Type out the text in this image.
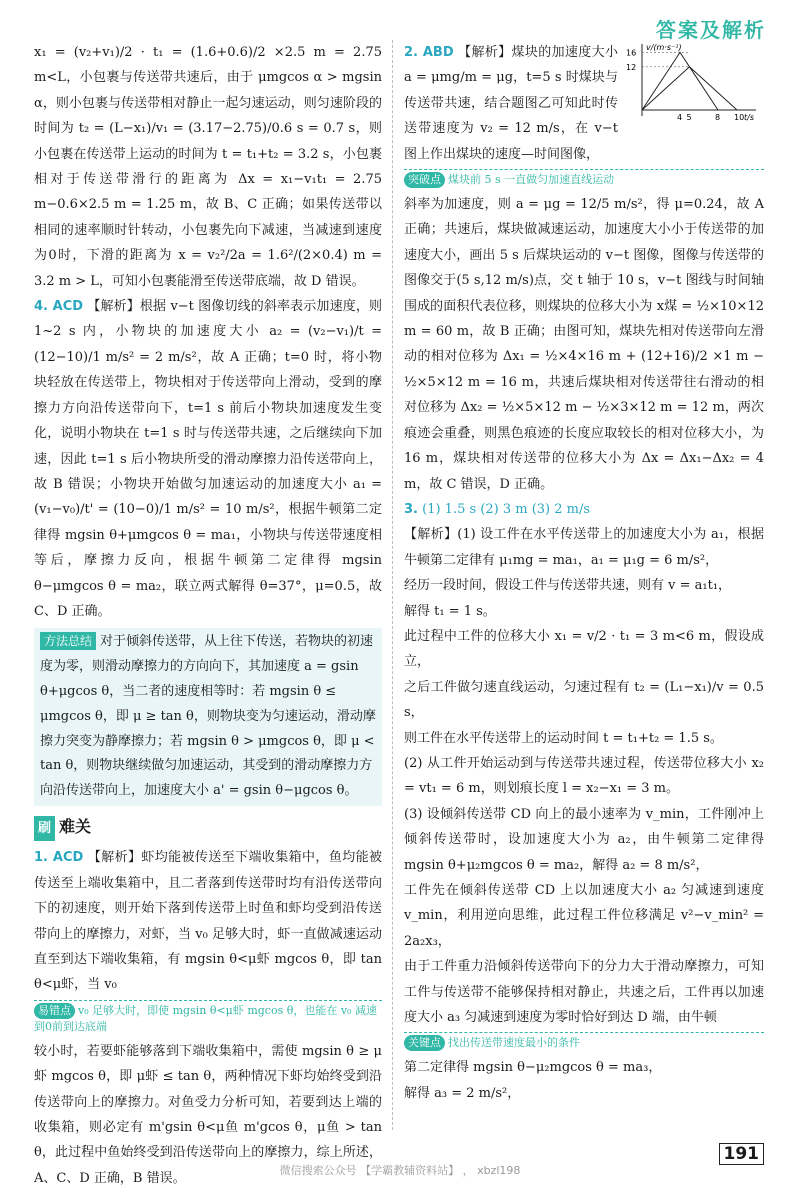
答案及解析

x₁ = (v₂+v₁)/2 · t₁ = (1.6+0.6)/2 ×2.5 m = 2.75 m<L，小包裹与传送带共速后，由于 μmgcos α > mgsin α，则小包裹与传送带相对静止一起匀速运动，则匀速阶段的时间为 t₂ = (L−x₁)/v₁ = (3.17−2.75)/0.6 s = 0.7 s，则小包裹在传送带上运动的时间为 t = t₁+t₂ = 3.2 s，小包裹相对于传送带滑行的距离为 Δx = x₁−v₁t₁ = 2.75 m−0.6×2.5 m = 1.25 m，故 B、C 正确；如果传送带以相同的速率顺时针转动，小包裹先向下减速，当减速到速度为0时，下滑的距离为 x = v₂²/2a = 1.6²/(2×0.4) m = 3.2 m > L，可知小包裹能滑至传送带底端，故 D 错误。

4. ACD 【解析】根据 v−t 图像切线的斜率表示加速度，则 1~2 s 内，小物块的加速度大小 a₂ = (v₂−v₁)/t = (12−10)/1 m/s² = 2 m/s²，故 A 正确；t=0 时，将小物块轻放在传送带上，物块相对于传送带向上滑动，受到的摩擦力方向沿传送带向下，t=1 s 前后小物块加速度发生变化，说明小物块在 t=1 s 时与传送带共速，之后继续向下加速，因此 t=1 s 后小物块所受的滑动摩擦力沿传送带向上，故 B 错误；小物块开始做匀加速运动的加速度大小 a₁ = (v₁−v₀)/t' = (10−0)/1 m/s² = 10 m/s²，根据牛顿第二定律得 mgsin θ+μmgcos θ = ma₁，小物块与传送带速度相等后，摩擦力反向，根据牛顿第二定律得 mgsin θ−μmgcos θ = ma₂，联立两式解得 θ=37°，μ=0.5，故 C、D 正确。

方法总结 对于倾斜传送带，从上往下传送，若物块的初速度为零，则滑动摩擦力的方向向下，其加速度 a = gsin θ+μgcos θ，当二者的速度相等时：若 mgsin θ ≤ μmgcos θ，即 μ ≥ tan θ，则物块变为匀速运动，滑动摩擦力突变为静摩擦力；若 mgsin θ > μmgcos θ，即 μ < tan θ，则物块继续做匀加速运动，其受到的滑动摩擦力方向沿传送带向上，加速度大小 a' = gsin θ−μgcos θ。
刷 难关

1. ACD 【解析】虾均能被传送至下端收集箱中，鱼均能被传送至上端收集箱中，且二者落到传送带时均有沿传送带向下的初速度，则开始下落到传送带上时鱼和虾均受到沿传送带向上的摩擦力，对虾，当 v₀ 足够大时，虾一直做减速运动直至到达下端收集箱，有 mgsin θ<μ虾 mgcos θ，即 tan θ<μ虾，当 v₀

易错点 v₀ 足够大时，即使 mgsin θ<μ虾 mgcos θ，也能在 v₀ 减速到0前到达底端

较小时，若要虾能够落到下端收集箱中，需使 mgsin θ ≥ μ虾 mgcos θ，即 μ虾 ≤ tan θ，两种情况下虾均始终受到沿传送带向上的摩擦力。对鱼受力分析可知，若要到达上端的收集箱，则必定有 m'gsin θ<μ鱼 m'gcos θ，μ鱼 > tan θ，此过程中鱼始终受到沿传送带向上的摩擦力，综上所述，A、C、D 正确，B 错误。

v/(m·s⁻¹)
t/s
16
12
4 5	8 10

2. ABD 【解析】煤块的加速度大小 a = μmg/m = μg，t=5 s 时煤块与传送带共速，结合题图乙可知此时传送带速度为 v₂ = 12 m/s，在 v−t 图上作出煤块的速度—时间图像，

突破点 煤块前 5 s 一直做匀加速直线运动

斜率为加速度，则 a = μg = 12/5 m/s²，得 μ=0.24，故 A 正确；共速后，煤块做减速运动，加速度大小小于传送带的加速度大小，画出 5 s 后煤块运动的 v−t 图像，图像与传送带的图像交于(5 s,12 m/s)点，交 t 轴于 10 s，v−t 图线与时间轴围成的面积代表位移，则煤块的位移大小为 x煤 = ½×10×12 m = 60 m，故 B 正确；由图可知，煤块先相对传送带向左滑动的相对位移为 Δx₁ = ½×4×16 m + (12+16)/2 ×1 m − ½×5×12 m = 16 m，共速后煤块相对传送带往右滑动的相对位移为 Δx₂ = ½×5×12 m − ½×3×12 m = 12 m，两次痕迹会重叠，则黑色痕迹的长度应取较长的相对位移大小，为 16 m，煤块相对传送带的位移大小为 Δx = Δx₁−Δx₂ = 4 m，故 C 错误，D 正确。

3. (1) 1.5 s (2) 3 m (3) 2 m/s

【解析】(1) 设工件在水平传送带上的加速度大小为 a₁，根据牛顿第二定律有 μ₁mg = ma₁，a₁ = μ₁g = 6 m/s²，

经历一段时间，假设工件与传送带共速，则有 v = a₁t₁，

解得 t₁ = 1 s。

此过程中工件的位移大小 x₁ = v/2 · t₁ = 3 m<6 m，假设成立，

之后工件做匀速直线运动，匀速过程有 t₂ = (L₁−x₁)/v = 0.5 s，

则工件在水平传送带上的运动时间 t = t₁+t₂ = 1.5 s。

(2) 从工件开始运动到与传送带共速过程，传送带位移大小 x₂ = vt₁ = 6 m，则划痕长度 l = x₂−x₁ = 3 m。

(3) 设倾斜传送带 CD 向上的最小速率为 v_min，工件刚冲上倾斜传送带时，设加速度大小为 a₂，由牛顿第二定律得 mgsin θ+μ₂mgcos θ = ma₂，解得 a₂ = 8 m/s²，

工件先在倾斜传送带 CD 上以加速度大小 a₂ 匀减速到速度 v_min，利用逆向思维，此过程工件位移满足 v²−v_min² = 2a₂x₃，

由于工件重力沿倾斜传送带向下的分力大于滑动摩擦力，可知工件与传送带不能够保持相对静止，共速之后，工件再以加速度大小 a₃ 匀减速到速度为零时恰好到达 D 端，由牛顿

关键点 找出传送带速度最小的条件

第二定律得 mgsin θ−μ₂mgcos θ = ma₃，

解得 a₃ = 2 m/s²，

191
微信搜索公众号 【学霸教辅资料站】 ， xbzl198
